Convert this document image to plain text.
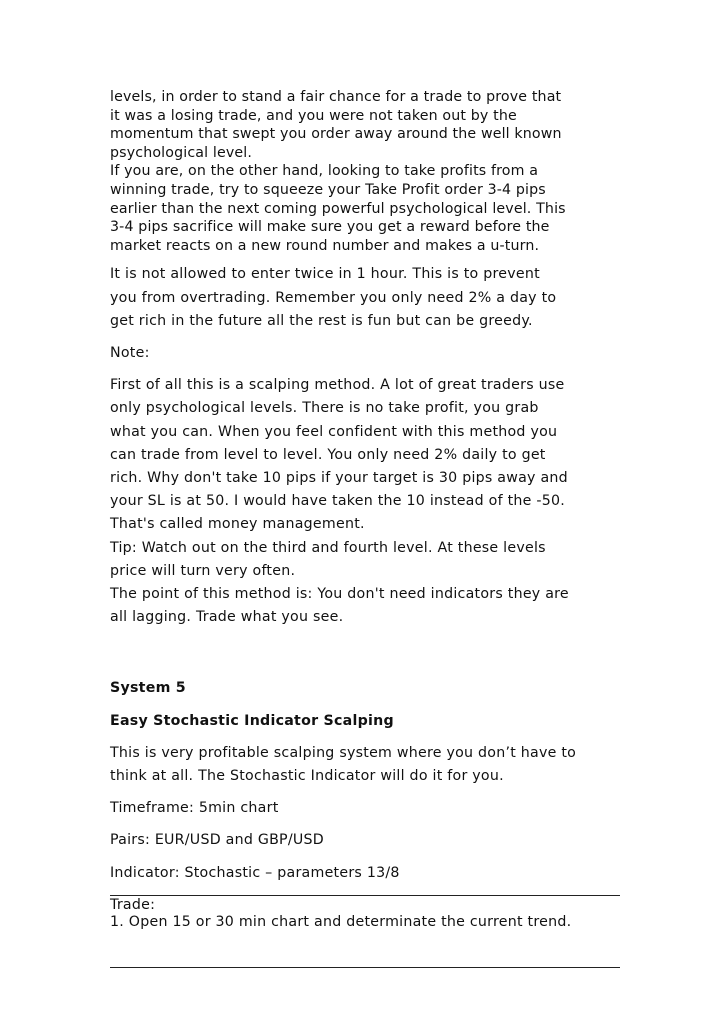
levels, in order to stand a fair chance for a trade to prove that
it was a losing trade, and you were not taken out by the
momentum that swept you order away around the well known
psychological level.
If you are, on the other hand, looking to take profits from a
winning trade, try to squeeze your Take Profit order 3-4 pips
earlier than the next coming powerful psychological level. This
3-4 pips sacrifice will make sure you get a reward before the
market reacts on a new round number and makes a u-turn.
It is not allowed to enter twice in 1 hour. This is to prevent
you from overtrading. Remember you only need 2% a day to
get rich in the future all the rest is fun but can be greedy.
Note:
First of all this is a scalping method. A lot of great traders use
only psychological levels. There is no take profit, you grab
what you can. When you feel confident with this method you
can trade from level to level. You only need 2% daily to get
rich. Why don't take 10 pips if your target is 30 pips away and
your SL is at 50. I would have taken the 10 instead of the -50.
That's called money management.
Tip: Watch out on the third and fourth level. At these levels
price will turn very often.
The point of this method is: You don't need indicators they are
all lagging. Trade what you see.
System 5
Easy Stochastic Indicator Scalping
This is very profitable scalping system where you don’t have to
think at all. The Stochastic Indicator will do it for you.
Timeframe: 5min chart
Pairs: EUR/USD and GBP/USD
Indicator: Stochastic – parameters 13/8
Trade:
1. Open 15 or 30 min chart and determinate the current trend.
